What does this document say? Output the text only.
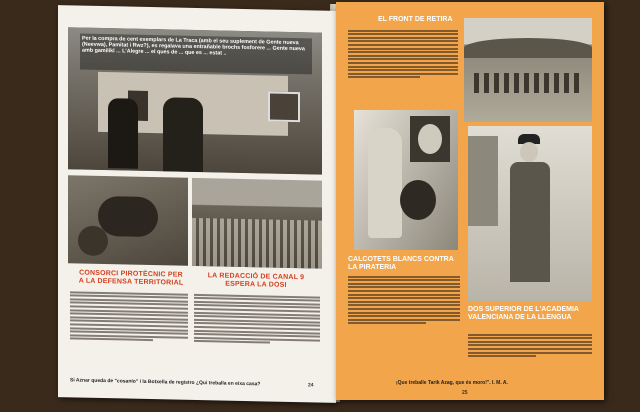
Per la compra de cent exemplars de La Traca (amb el seu suplement de Gente nueva (Neevwa), Pamitat i Rwz?), es regalava una entrañable brochs fosforere ... Gente nueva amb gamilikl ... L'Alegre ... el ques de ... que es ... estat ..
CONSORCI PIROTÈCNIC PER A LA DEFENSA TERRITORIAL
LA REDACCIÓ DE CANAL 9 ESPERA LA DOSI
Si Aznar queda de "cosanío" i la Botxella de registro ¿Qui treballa en eixa casa?	24
EL FRONT DE RETIRA
CALCOTETS BLANCS CONTRA LA PIRATERIA
DOS SUPERIOR DE L'ACADEMIA VALENCIANA DE LA LLENGUA
¡Que treballe Tarik Azag, que és moro!". I. M. A.
25
